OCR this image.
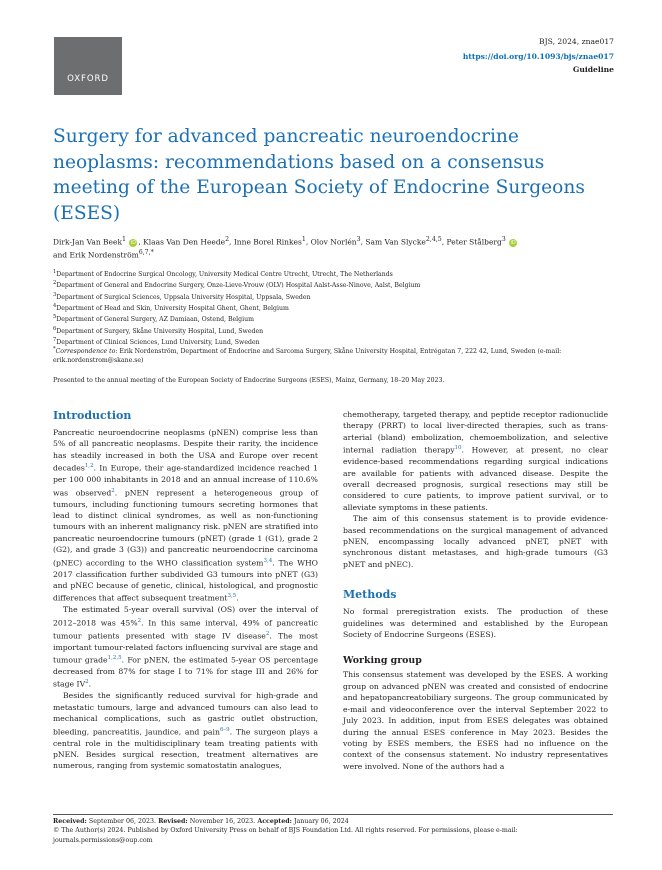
OXFORD
BJS, 2024, znae017
https://doi.org/10.1093/bjs/znae017
Guideline
Surgery for advanced pancreatic neuroendocrine neoplasms: recommendations based on a consensus meeting of the European Society of Endocrine Surgeons (ESES)
Dirk-Jan Van Beek$^1$ iD , Klaas Van Den Heede$^2$, Inne Borel Rinkes$^1$, Olov Norlén$^3$, Sam Van Slycke$^{2,4,5}$, Peter Stålberg$^3$ iD
and Erik Nordenström$^{6,7,*}$
$^1$Department of Endocrine Surgical Oncology, University Medical Centre Utrecht, Utrecht, The Netherlands
$^2$Department of General and Endocrine Surgery, Onze-Lieve-Vrouw (OLV) Hospital Aalst-Asse-Ninove, Aalst, Belgium
$^3$Department of Surgical Sciences, Uppsala University Hospital, Uppsala, Sweden
$^4$Department of Head and Skin, University Hospital Ghent, Ghent, Belgium
$^5$Department of General Surgery, AZ Damiaan, Ostend, Belgium
$^6$Department of Surgery, Skåne University Hospital, Lund, Sweden
$^7$Department of Clinical Sciences, Lund University, Lund, Sweden
*Correspondence to: Erik Nordenström, Department of Endocrine and Sarcoma Surgery, Skåne University Hospital, Entrégatan 7, 222 42, Lund, Sweden (e-mail: erik.nordenstrom@skane.se)
Presented to the annual meeting of the European Society of Endocrine Surgeons (ESES), Mainz, Germany, 18–20 May 2023.
Introduction

Pancreatic neuroendocrine neoplasms (pNEN) comprise less than 5% of all pancreatic neoplasms. Despite their rarity, the incidence has steadily increased in both the USA and Europe over recent decades$^{1,2}$. In Europe, their age-standardized incidence reached 1 per 100 000 inhabitants in 2018 and an annual increase of 110.6% was observed$^2$. pNEN represent a heterogeneous group of tumours, including functioning tumours secreting hormones that lead to distinct clinical syndromes, as well as non-functioning tumours with an inherent malignancy risk. pNEN are stratified into pancreatic neuroendocrine tumours (pNET) (grade 1 (G1), grade 2 (G2), and grade 3 (G3)) and pancreatic neuroendocrine carcinoma (pNEC) according to the WHO classification system$^{3,4}$. The WHO 2017 classification further subdivided G3 tumours into pNET (G3) and pNEC because of genetic, clinical, histological, and prognostic differences that affect subsequent treatment$^{3,5}$.

The estimated 5-year overall survival (OS) over the interval of 2012–2018 was 45%$^2$. In this same interval, 49% of pancreatic tumour patients presented with stage IV disease$^2$. The most important tumour-related factors influencing survival are stage and tumour grade$^{1,2,5}$. For pNEN, the estimated 5-year OS percentage decreased from 87% for stage I to 71% for stage III and 26% for stage $IV^2$.

Besides the significantly reduced survival for high-grade and metastatic tumours, large and advanced tumours can also lead to mechanical complications, such as gastric outlet obstruction, bleeding, pancreatitis, jaundice, and pain$^{6-9}$. The surgeon plays a central role in the multidisciplinary team treating patients with pNEN. Besides surgical resection, treatment alternatives are numerous, ranging from systemic somatostatin analogues,

chemotherapy, targeted therapy, and peptide receptor radionuclide therapy (PRRT) to local liver-directed therapies, such as trans-arterial (bland) embolization, chemoembolization, and selective internal radiation therapy$^{10}$. However, at present, no clear evidence-based recommendations regarding surgical indications are available for patients with advanced disease. Despite the overall decreased prognosis, surgical resections may still be considered to cure patients, to improve patient survival, or to alleviate symptoms in these patients.

The aim of this consensus statement is to provide evidence-based recommendations on the surgical management of advanced pNEN, encompassing locally advanced pNET, pNET with synchronous distant metastases, and high-grade tumours (G3 pNET and pNEC).

Methods

No formal preregistration exists. The production of these guidelines was determined and established by the European Society of Endocrine Surgeons (ESES).

Working group

This consensus statement was developed by the ESES. A working group on advanced pNEN was created and consisted of endocrine and hepatopancreatobiliary surgeons. The group communicated by e-mail and videoconference over the interval September 2022 to July 2023. In addition, input from ESES delegates was obtained during the annual ESES conference in May 2023. Besides the voting by ESES members, the ESES had no influence on the context of the consensus statement. No industry representatives were involved. None of the authors had a

Received: September 06, 2023. Revised: November 16, 2023. Accepted: January 06, 2024
© The Author(s) 2024. Published by Oxford University Press on behalf of BJS Foundation Ltd. All rights reserved. For permissions, please e-mail: journals.permissions@oup.com
